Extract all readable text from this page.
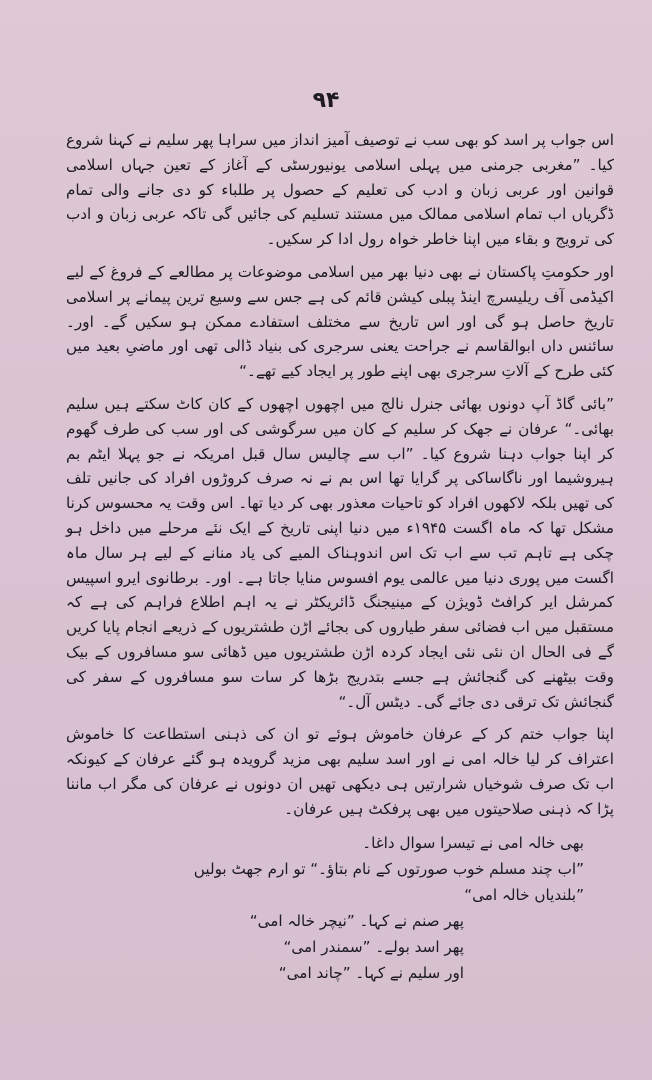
۹۴

اس جواب پر اسد کو بھی سب نے توصیف آمیز انداز میں سراہا پھر سلیم نے کہنا شروع کیا۔ ”مغربی جرمنی میں پہلی اسلامی یونیورسٹی کے آغاز کے تعین جہاں اسلامی قوانین اور عربی زبان و ادب کی تعلیم کے حصول پر طلباء کو دی جانے والی تمام ڈگریاں اب تمام اسلامی ممالک میں مستند تسلیم کی جائیں گی تاکہ عربی زبان و ادب کی ترویج و بقاء میں اپنا خاطر خواہ رول ادا کر سکیں۔

اور حکومتِ پاکستان نے بھی دنیا بھر میں اسلامی موضوعات پر مطالعے کے فروغ کے لیے اکیڈمی آف ریلیسرچ اینڈ پبلی کیشن قائم کی ہے جس سے وسیع ترین پیمانے پر اسلامی تاریخ حاصل ہو گی اور اس تاریخ سے مختلف استفادے ممکن ہو سکیں گے۔ اور۔ سائنس داں ابوالقاسم نے جراحت یعنی سرجری کی بنیاد ڈالی تھی اور ماضیِ بعید میں کئی طرح کے آلاتِ سرجری بھی اپنے طور پر ایجاد کیے تھے۔“

”بائی گاڈ آپ دونوں بھائی جنرل نالج میں اچھوں اچھوں کے کان کاٹ سکتے ہیں سلیم بھائی۔“ عرفان نے جھک کر سلیم کے کان میں سرگوشی کی اور سب کی طرف گھوم کر اپنا جواب دہنا شروع کیا۔ ”اب سے چالیس سال قبل امریکہ نے جو پہلا ایٹم بم ہیروشیما اور ناگاساکی پر گرایا تھا اس بم نے نہ صرف کروڑوں افراد کی جانیں تلف کی تھیں بلکہ لاکھوں افراد کو تاحیات معذور بھی کر دیا تھا۔ اس وقت یہ محسوس کرنا مشکل تھا کہ ماہ اگست ۱۹۴۵ء میں دنیا اپنی تاریخ کے ایک نئے مرحلے میں داخل ہو چکی ہے تاہم تب سے اب تک اس اندوہناک المیے کی یاد منانے کے لیے ہر سال ماہ اگست میں پوری دنیا میں عالمی یوم افسوس منایا جاتا ہے۔ اور۔ برطانوی ایرو اسپیس کمرشل ایر کرافٹ ڈویژن کے مینیجنگ ڈائریکٹر نے یہ اہم اطلاع فراہم کی ہے کہ مستقبل میں اب فضائی سفر طیاروں کی بجائے اڑن طشتریوں کے ذریعے انجام پایا کریں گے فی الحال ان نئی نئی ایجاد کردہ اڑن طشتریوں میں ڈھائی سو مسافروں کے بیک وقت بیٹھنے کی گنجائش ہے جسے بتدریج بڑھا کر سات سو مسافروں کے سفر کی گنجائش تک ترقی دی جائے گی۔ دیٹس آل۔“

اپنا جواب ختم کر کے عرفان خاموش ہوئے تو ان کی ذہنی استطاعت کا خاموش اعتراف کر لیا خالہ امی نے اور اسد سلیم بھی مزید گرویدہ ہو گئے عرفان کے کیونکہ اب تک صرف شوخیاں شرارتیں ہی دیکھی تھیں ان دونوں نے عرفان کی مگر اب ماننا پڑا کہ ذہنی صلاحیتوں میں بھی پرفکٹ ہیں عرفان۔

بھی خالہ امی نے تیسرا سوال داغا۔

”اب چند مسلم خوب صورتوں کے نام بتاؤ۔“ تو ارم جھٹ بولیں

”بلندیاں خالہ امی“

پھر صنم نے کہا۔ ”نیچر خالہ امی“

پھر اسد بولے۔ ”سمندر امی“

اور سلیم نے کہا۔ ”چاند امی“
